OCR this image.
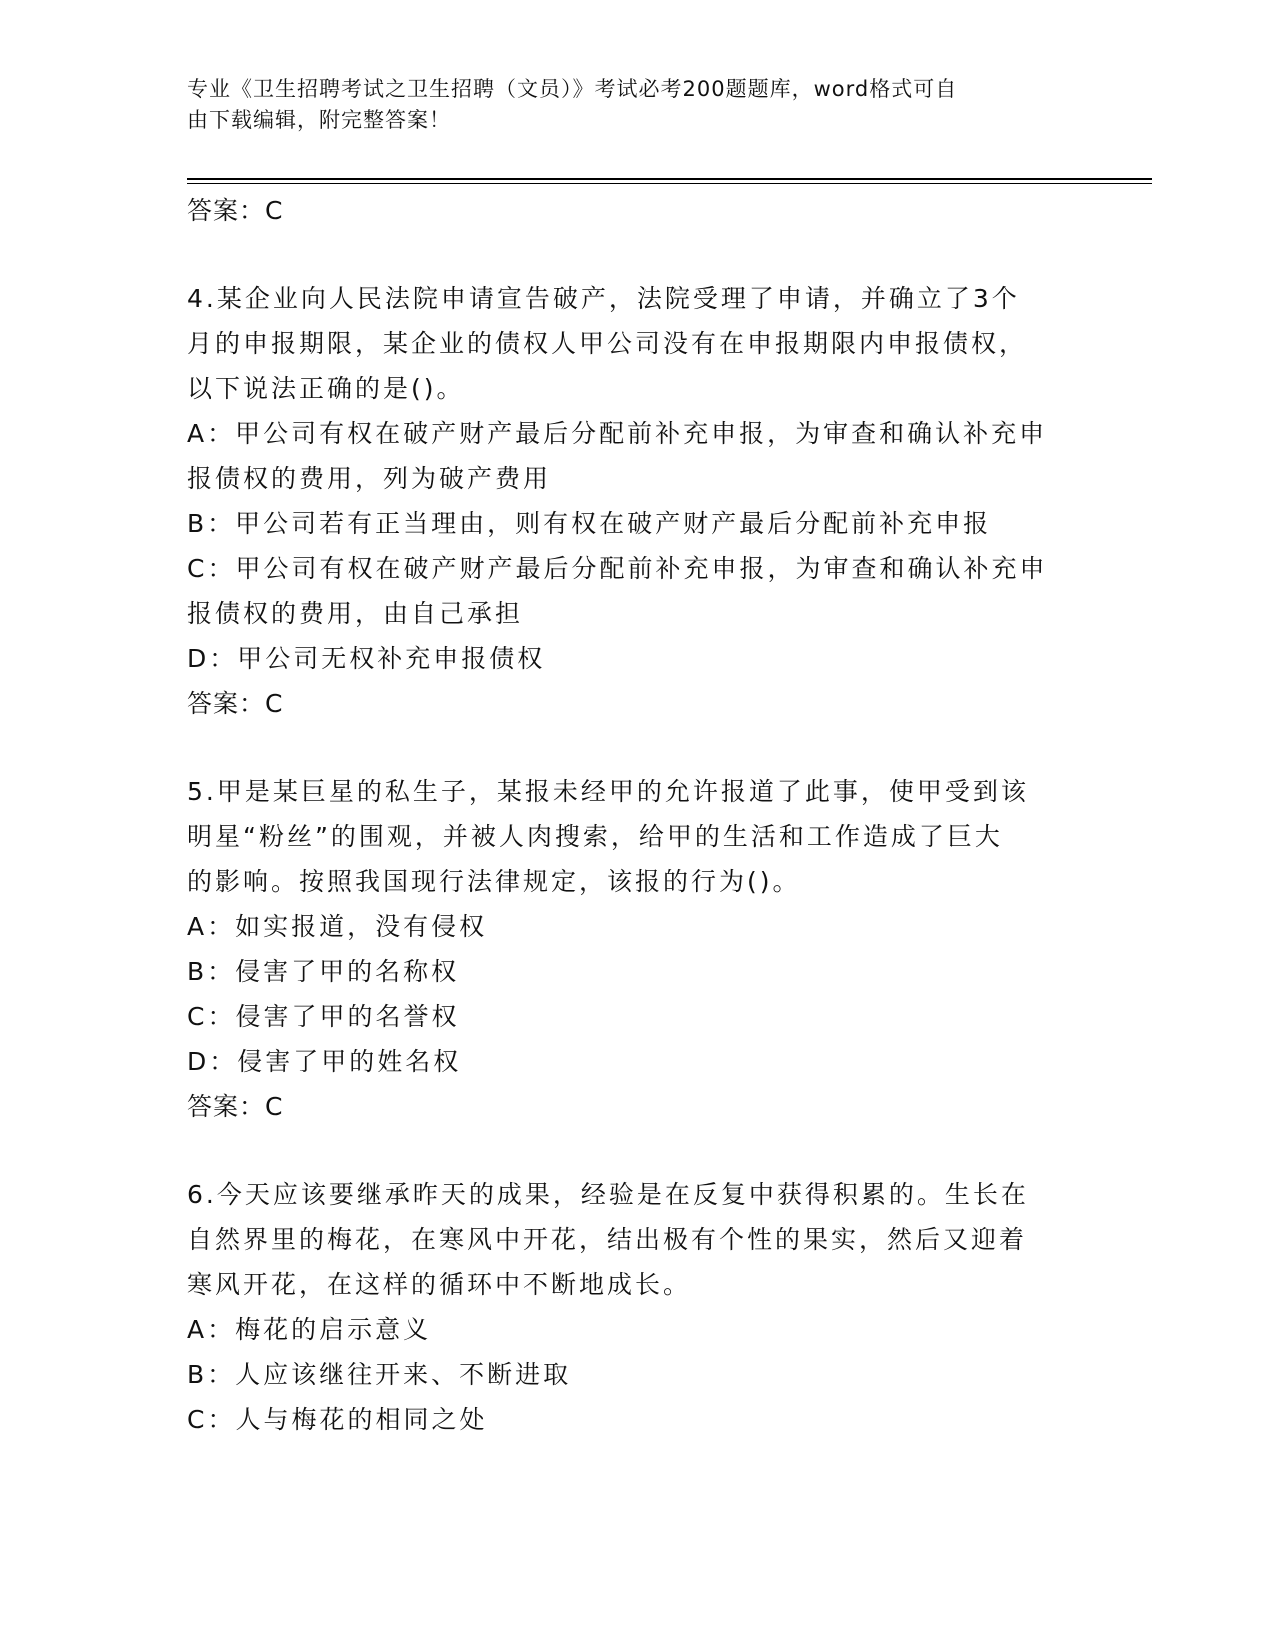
专业《卫生招聘考试之卫生招聘（文员）》考试必考200题题库，word格式可自
由下载编辑，附完整答案！
答案：C
4.某企业向人民法院申请宣告破产，法院受理了申请，并确立了3个
月的申报期限，某企业的债权人甲公司没有在申报期限内申报债权，
以下说法正确的是()。
A：甲公司有权在破产财产最后分配前补充申报，为审查和确认补充申
报债权的费用，列为破产费用
B：甲公司若有正当理由，则有权在破产财产最后分配前补充申报
C：甲公司有权在破产财产最后分配前补充申报，为审查和确认补充申
报债权的费用，由自己承担
D：甲公司无权补充申报债权
答案：C
5.甲是某巨星的私生子，某报未经甲的允许报道了此事，使甲受到该
明星“粉丝”的围观，并被人肉搜索，给甲的生活和工作造成了巨大
的影响。按照我国现行法律规定，该报的行为()。
A：如实报道，没有侵权
B：侵害了甲的名称权
C：侵害了甲的名誉权
D：侵害了甲的姓名权
答案：C
6.今天应该要继承昨天的成果，经验是在反复中获得积累的。生长在
自然界里的梅花，在寒风中开花，结出极有个性的果实，然后又迎着
寒风开花，在这样的循环中不断地成长。
A：梅花的启示意义
B：人应该继往开来、不断进取
C：人与梅花的相同之处
